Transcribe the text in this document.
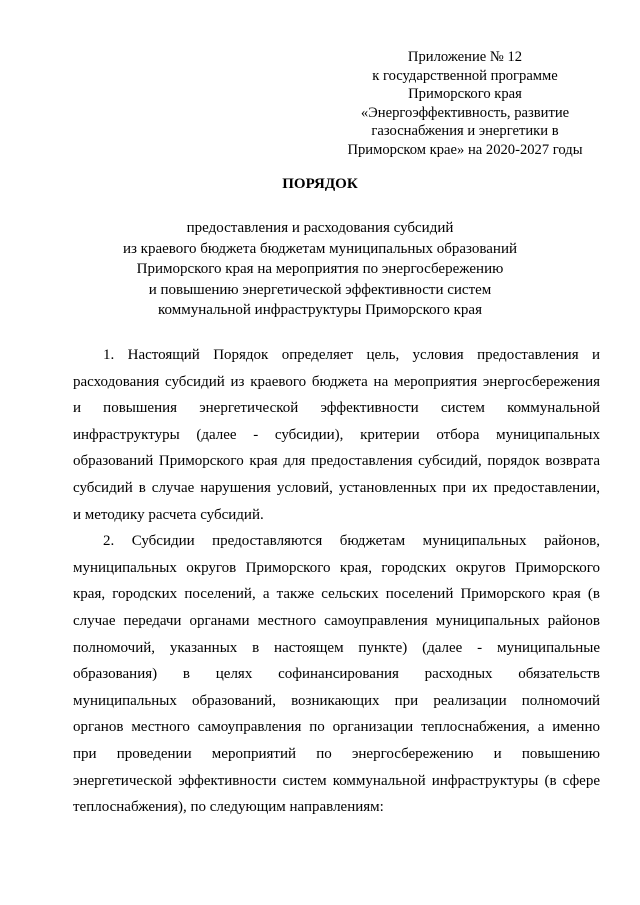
Приложение № 12
к государственной программе
Приморского края
«Энергоэффективность, развитие
газоснабжения и энергетики в
Приморском крае» на 2020-2027 годы
ПОРЯДОК
предоставления и расходования субсидий
из краевого бюджета бюджетам муниципальных образований
Приморского края на мероприятия по энергосбережению
и повышению энергетической эффективности систем
коммунальной инфраструктуры Приморского края
1. Настоящий Порядок определяет цель, условия предоставления и
расходования субсидий из краевого бюджета на мероприятия энергосбережения
и повышения энергетической эффективности систем коммунальной
инфраструктуры (далее - субсидии), критерии отбора муниципальных
образований Приморского края для предоставления субсидий, порядок возврата
субсидий в случае нарушения условий, установленных при их предоставлении,
и методику расчета субсидий.
2. Субсидии предоставляются бюджетам муниципальных районов,
муниципальных округов Приморского края, городских округов Приморского
края, городских поселений, а также сельских поселений Приморского края (в
случае передачи органами местного самоуправления муниципальных районов
полномочий, указанных в настоящем пункте) (далее - муниципальные
образования) в целях софинансирования расходных обязательств
муниципальных образований, возникающих при реализации полномочий
органов местного самоуправления по организации теплоснабжения, а именно
при проведении мероприятий по энергосбережению и повышению
энергетической эффективности систем коммунальной инфраструктуры (в сфере
теплоснабжения), по следующим направлениям:
